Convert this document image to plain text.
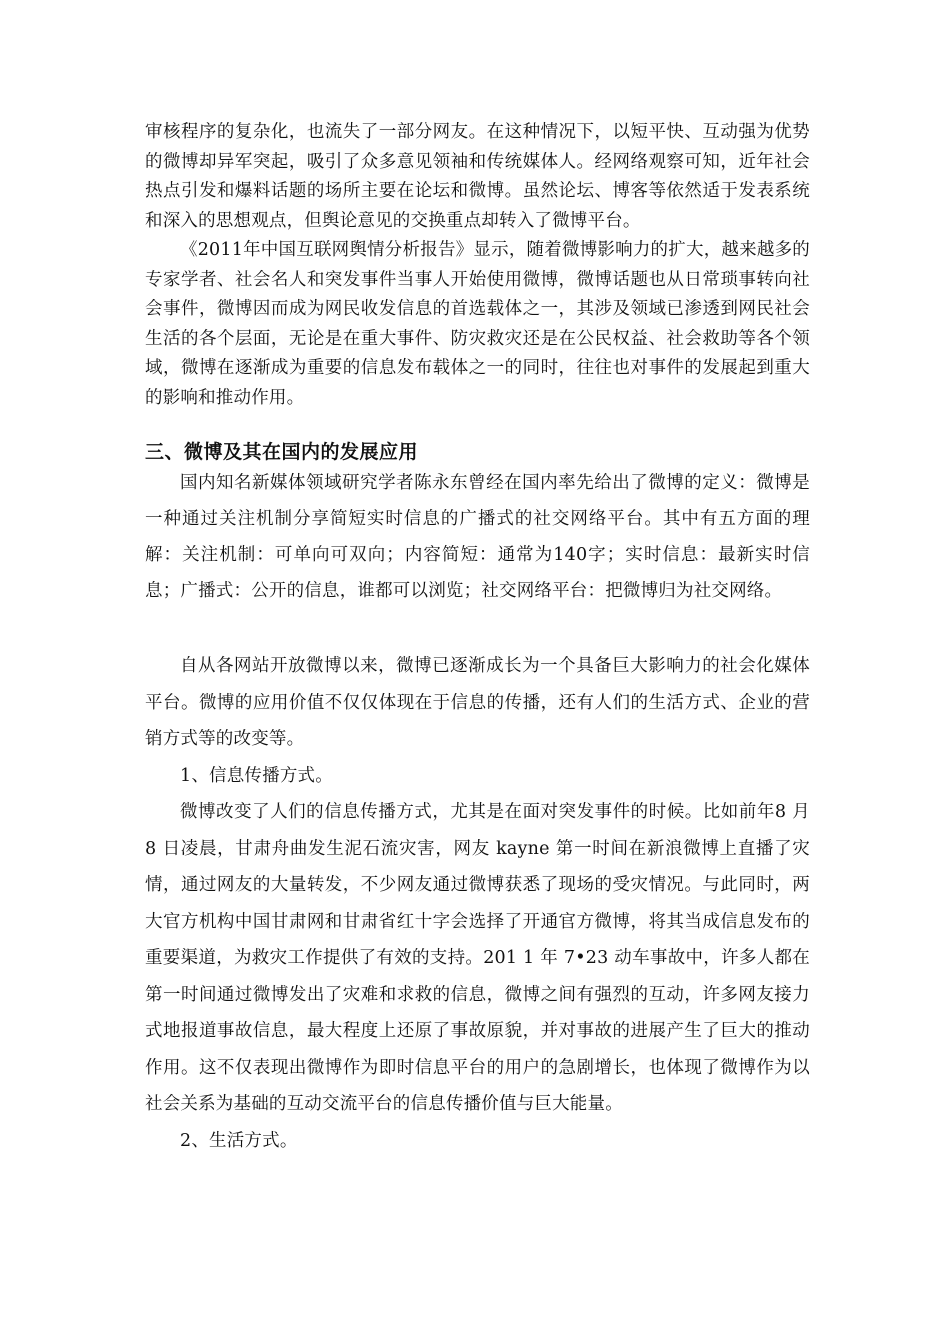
审核程序的复杂化，也流失了一部分网友。在这种情况下，以短平快、互动强为优势的微博却异军突起，吸引了众多意见领袖和传统媒体人。经网络观察可知，近年社会热点引发和爆料话题的场所主要在论坛和微博。虽然论坛、博客等依然适于发表系统和深入的思想观点，但舆论意见的交换重点却转入了微博平台。

《2011年中国互联网舆情分析报告》显示，随着微博影响力的扩大，越来越多的专家学者、社会名人和突发事件当事人开始使用微博，微博话题也从日常琐事转向社会事件，微博因而成为网民收发信息的首选载体之一，其涉及领域已渗透到网民社会生活的各个层面，无论是在重大事件、防灾救灾还是在公民权益、社会救助等各个领域，微博在逐渐成为重要的信息发布载体之一的同时，往往也对事件的发展起到重大的影响和推动作用。

三、微博及其在国内的发展应用

国内知名新媒体领域研究学者陈永东曾经在国内率先给出了微博的定义：微博是一种通过关注机制分享简短实时信息的广播式的社交网络平台。其中有五方面的理解：关注机制：可单向可双向；内容简短：通常为140字；实时信息：最新实时信息；广播式：公开的信息，谁都可以浏览；社交网络平台：把微博归为社交网络。

自从各网站开放微博以来，微博已逐渐成长为一个具备巨大影响力的社会化媒体平台。微博的应用价值不仅仅体现在于信息的传播，还有人们的生活方式、企业的营销方式等的改变等。

1、信息传播方式。

微博改变了人们的信息传播方式，尤其是在面对突发事件的时候。比如前年8 月 8 日凌晨，甘肃舟曲发生泥石流灾害，网友 kayne 第一时间在新浪微博上直播了灾情，通过网友的大量转发，不少网友通过微博获悉了现场的受灾情况。与此同时，两大官方机构中国甘肃网和甘肃省红十字会选择了开通官方微博，将其当成信息发布的重要渠道，为救灾工作提供了有效的支持。201 1 年 7•23 动车事故中，许多人都在第一时间通过微博发出了灾难和求救的信息，微博之间有强烈的互动，许多网友接力式地报道事故信息，最大程度上还原了事故原貌，并对事故的进展产生了巨大的推动作用。这不仅表现出微博作为即时信息平台的用户的急剧增长，也体现了微博作为以社会关系为基础的互动交流平台的信息传播价值与巨大能量。

2、生活方式。
